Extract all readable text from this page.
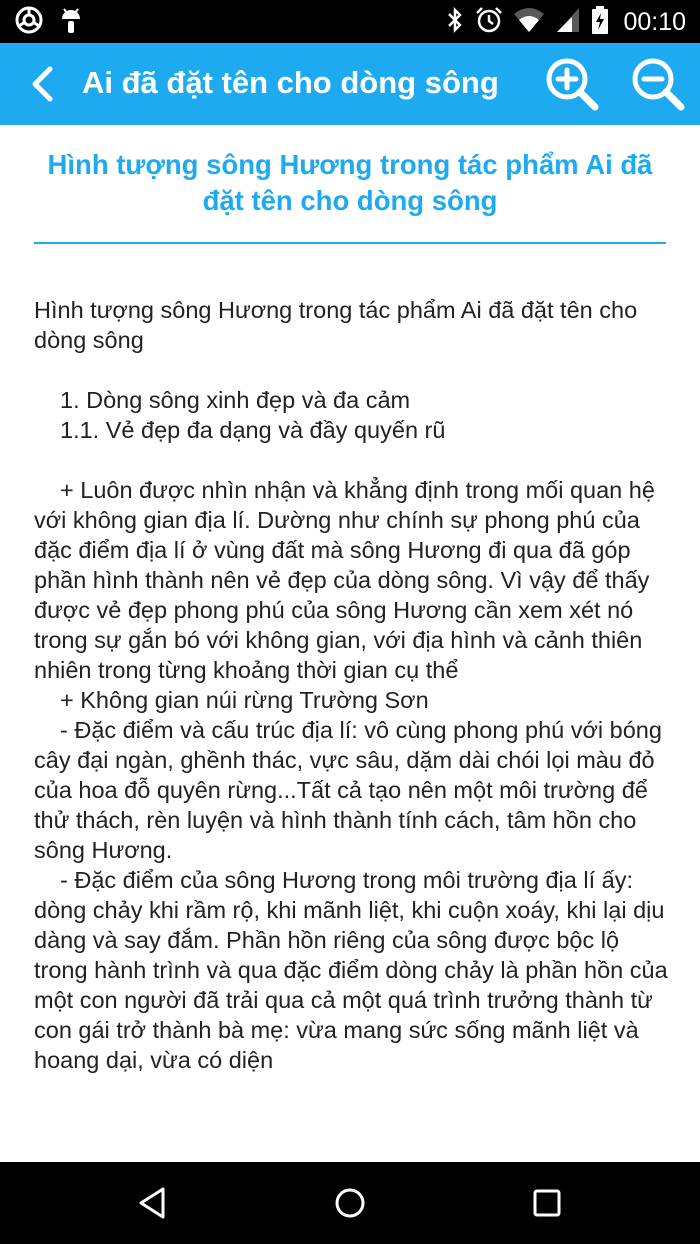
00:10
Ai đã đặt tên cho dòng sông
Hình tượng sông Hương trong tác phẩm Ai đã đặt tên cho dòng sông

Hình tượng sông Hương trong tác phẩm Ai đã đặt tên cho dòng sông

1. Dòng sông xinh đẹp và đa cảm

1.1. Vẻ đẹp đa dạng và đầy quyến rũ

+ Luôn được nhìn nhận và khẳng định trong mối quan hệ với không gian địa lí. Dường như chính sự phong phú của đặc điểm địa lí ở vùng đất mà sông Hương đi qua đã góp phần hình thành nên vẻ đẹp của dòng sông. Vì vậy để thấy được vẻ đẹp phong phú của sông Hương cần xem xét nó trong sự gắn bó với không gian, với địa hình và cảnh thiên nhiên trong từng khoảng thời gian cụ thể

+ Không gian núi rừng Trường Sơn

- Đặc điểm và cấu trúc địa lí: vô cùng phong phú với bóng cây đại ngàn, ghềnh thác, vực sâu, dặm dài chói lọi màu đỏ của hoa đỗ quyên rừng...Tất cả tạo nên một môi trường để thử thách, rèn luyện và hình thành tính cách, tâm hồn cho sông Hương.

- Đặc điểm của sông Hương trong môi trường địa lí ấy: dòng chảy khi rầm rộ, khi mãnh liệt, khi cuộn xoáy, khi lại dịu dàng và say đắm. Phần hồn riêng của sông được bộc lộ trong hành trình và qua đặc điểm dòng chảy là phần hồn của một con người đã trải qua cả một quá trình trưởng thành từ con gái trở thành bà mẹ: vừa mang sức sống mãnh liệt và hoang dại, vừa có diện
